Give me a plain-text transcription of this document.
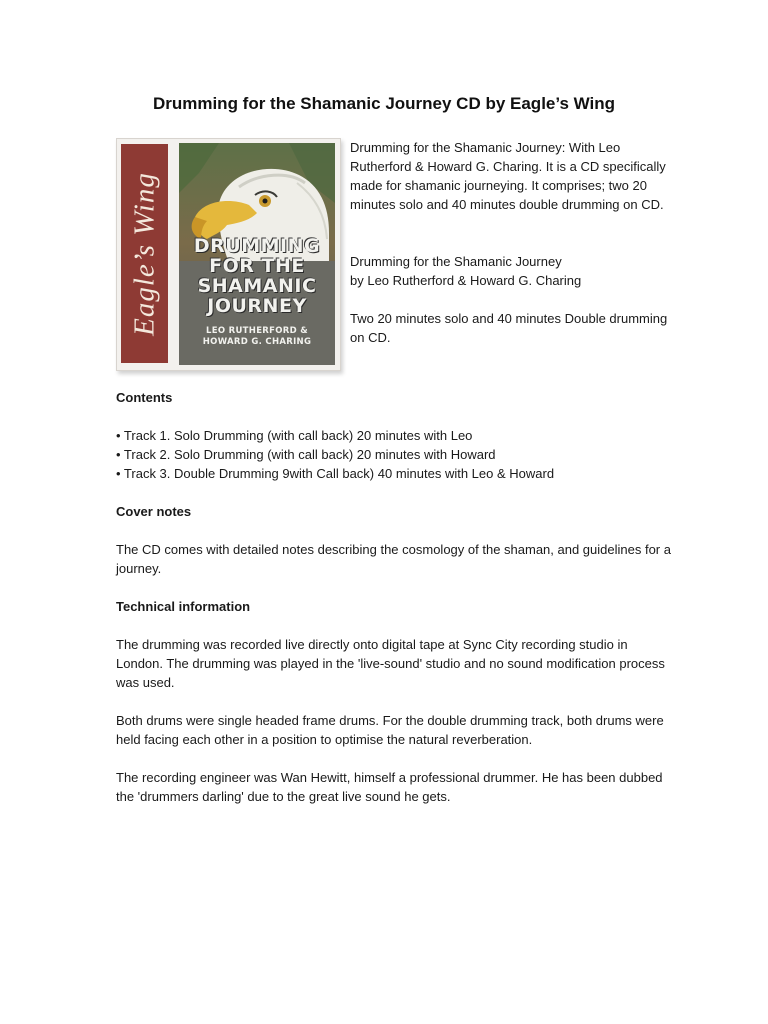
Drumming for the Shamanic Journey CD by Eagle’s Wing
Eagle’s Wing	DRUMMING
FOR THE
SHAMANIC
JOURNEY
LEO RUTHERFORD &
HOWARD G. CHARING

Drumming for the Shamanic Journey: With Leo Rutherford & Howard G. Charing. It is a CD specifically made for shamanic journeying. It comprises; two 20 minutes solo and 40 minutes double drumming on CD.

Drumming for the Shamanic Journey

by Leo Rutherford & Howard G. Charing

Two 20 minutes solo and 40 minutes Double drumming on CD.

Contents

• Track 1. Solo Drumming (with call back) 20 minutes with Leo
• Track 2. Solo Drumming (with call back) 20 minutes with Howard
• Track 3. Double Drumming 9with Call back) 40 minutes with Leo & Howard

Cover notes

The CD comes with detailed notes describing the cosmology of the shaman, and guidelines for a journey.

Technical information

The drumming was recorded live directly onto digital tape at Sync City recording studio in London. The drumming was played in the 'live-sound' studio and no sound modification process was used.

Both drums were single headed frame drums. For the double drumming track, both drums were held facing each other in a position to optimise the natural reverberation.

The recording engineer was Wan Hewitt, himself a professional drummer. He has been dubbed the 'drummers darling' due to the great live sound he gets.
